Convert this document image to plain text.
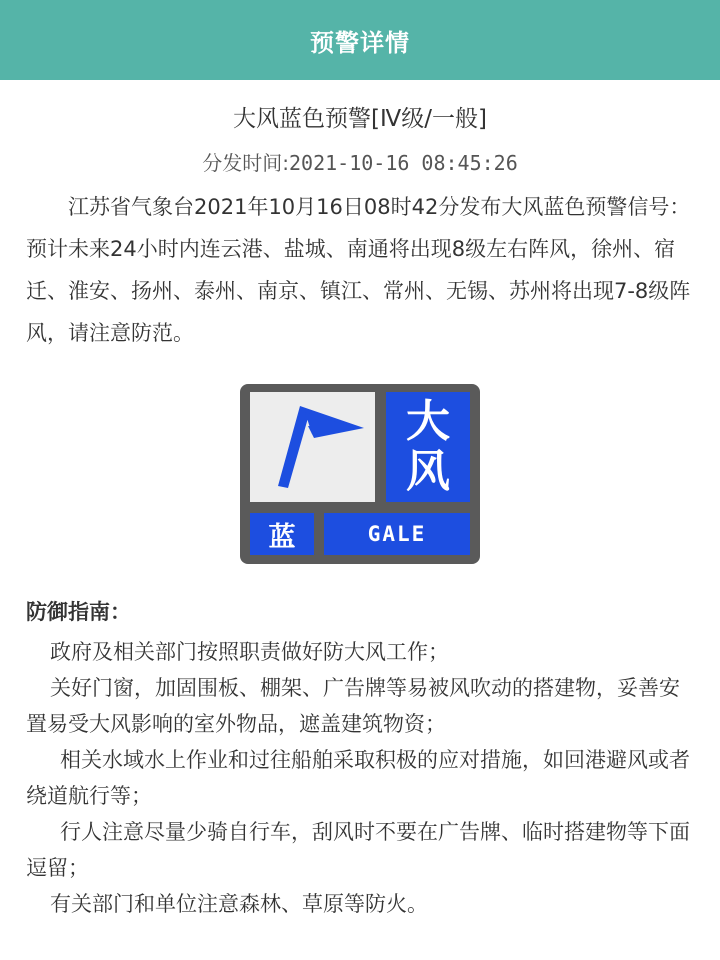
预警详情
大风蓝色预警[Ⅳ级/一般]
分发时间:2021-10-16 08:45:26
江苏省气象台2021年10月16日08时42分发布大风蓝色预警信号：预计未来24小时内连云港、盐城、南通将出现8级左右阵风，徐州、宿迁、淮安、扬州、泰州、南京、镇江、常州、无锡、苏州将出现7-8级阵风，请注意防范。
大
风
蓝	GALE
防御指南：
政府及相关部门按照职责做好防大风工作；
关好门窗，加固围板、棚架、广告牌等易被风吹动的搭建物，妥善安置易受大风影响的室外物品，遮盖建筑物资；
相关水域水上作业和过往船舶采取积极的应对措施，如回港避风或者绕道航行等；
行人注意尽量少骑自行车，刮风时不要在广告牌、临时搭建物等下面逗留；
有关部门和单位注意森林、草原等防火。
